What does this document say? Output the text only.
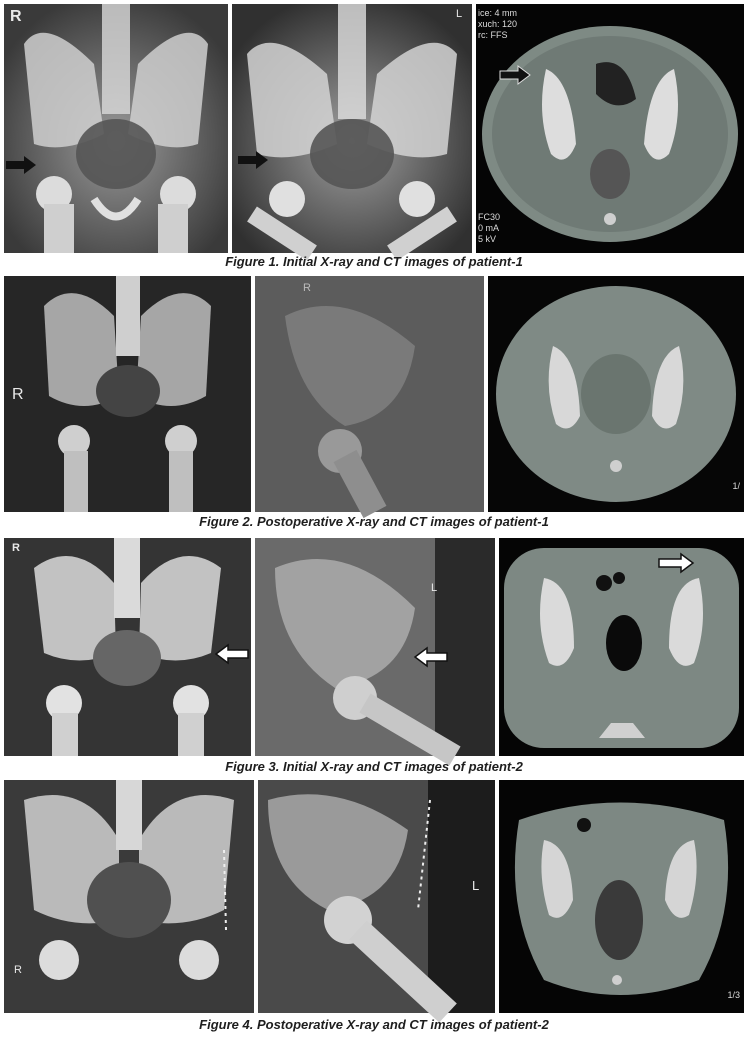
R	ice: 4 mm
xuch: 120
rc: FFS
FC30
0 mA
5 kV
L
Figure 1. Initial X-ray and CT images of patient-1
R
R
1/
Figure 2. Postoperative X-ray and CT images of patient-1
R
L
Figure 3. Initial X-ray and CT images of patient-2
R
L
1/3
Figure 4. Postoperative X-ray and CT images of patient-2
